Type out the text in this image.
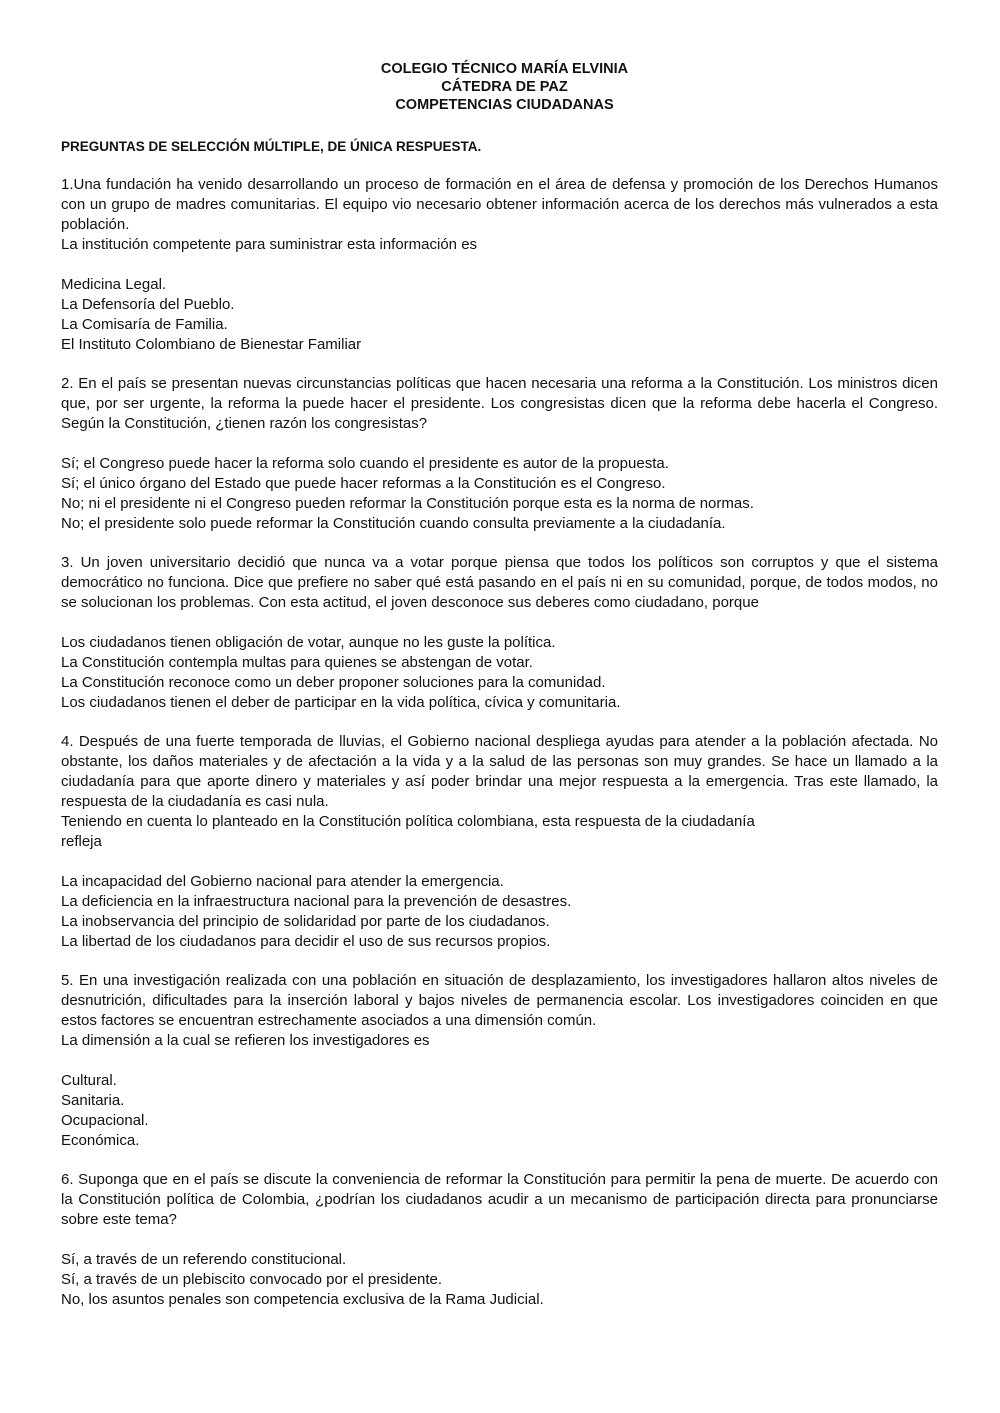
COLEGIO TÉCNICO MARÍA ELVINIA
CÁTEDRA DE PAZ
COMPETENCIAS CIUDADANAS
PREGUNTAS DE SELECCIÓN MÚLTIPLE, DE ÚNICA RESPUESTA.

1.Una fundación ha venido desarrollando un proceso de formación en el área de defensa y promoción de los Derechos Humanos con un grupo de madres comunitarias. El equipo vio necesario obtener información acerca de los derechos más vulnerados a esta población.

La institución competente para suministrar esta información es

Medicina Legal.
La Defensoría del Pueblo.
La Comisaría de Familia.
El Instituto Colombiano de Bienestar Familiar

2. En el país se presentan nuevas circunstancias políticas que hacen necesaria una reforma a la Constitución. Los ministros dicen que, por ser urgente, la reforma la puede hacer el presidente. Los congresistas dicen que la reforma debe hacerla el Congreso. Según la Constitución, ¿tienen razón los congresistas?

Sí; el Congreso puede hacer la reforma solo cuando el presidente es autor de la propuesta.
Sí; el único órgano del Estado que puede hacer reformas a la Constitución es el Congreso.
No; ni el presidente ni el Congreso pueden reformar la Constitución porque esta es la norma de normas.
No; el presidente solo puede reformar la Constitución cuando consulta previamente a la ciudadanía.

3. Un joven universitario decidió que nunca va a votar porque piensa que todos los políticos son corruptos y que el sistema democrático no funciona. Dice que prefiere no saber qué está pasando en el país ni en su comunidad, porque, de todos modos, no se solucionan los problemas. Con esta actitud, el joven desconoce sus deberes como ciudadano, porque

Los ciudadanos tienen obligación de votar, aunque no les guste la política.
La Constitución contempla multas para quienes se abstengan de votar.
La Constitución reconoce como un deber proponer soluciones para la comunidad.
Los ciudadanos tienen el deber de participar en la vida política, cívica y comunitaria.

4. Después de una fuerte temporada de lluvias, el Gobierno nacional despliega ayudas para atender a la población afectada. No obstante, los daños materiales y de afectación a la vida y a la salud de las personas son muy grandes. Se hace un llamado a la ciudadanía para que aporte dinero y materiales y así poder brindar una mejor respuesta a la emergencia. Tras este llamado, la respuesta de la ciudadanía es casi nula.

Teniendo en cuenta lo planteado en la Constitución política colombiana, esta respuesta de la ciudadanía refleja

La incapacidad del Gobierno nacional para atender la emergencia.
La deficiencia en la infraestructura nacional para la prevención de desastres.
La inobservancia del principio de solidaridad por parte de los ciudadanos.
La libertad de los ciudadanos para decidir el uso de sus recursos propios.

5. En una investigación realizada con una población en situación de desplazamiento, los investigadores hallaron altos niveles de desnutrición, dificultades para la inserción laboral y bajos niveles de permanencia escolar. Los investigadores coinciden en que estos factores se encuentran estrechamente asociados a una dimensión común.

La dimensión a la cual se refieren los investigadores es

Cultural.
Sanitaria.
Ocupacional.
Económica.

6. Suponga que en el país se discute la conveniencia de reformar la Constitución para permitir la pena de muerte. De acuerdo con la Constitución política de Colombia, ¿podrían los ciudadanos acudir a un mecanismo de participación directa para pronunciarse sobre este tema?

Sí, a través de un referendo constitucional.
Sí, a través de un plebiscito convocado por el presidente.
No, los asuntos penales son competencia exclusiva de la Rama Judicial.
